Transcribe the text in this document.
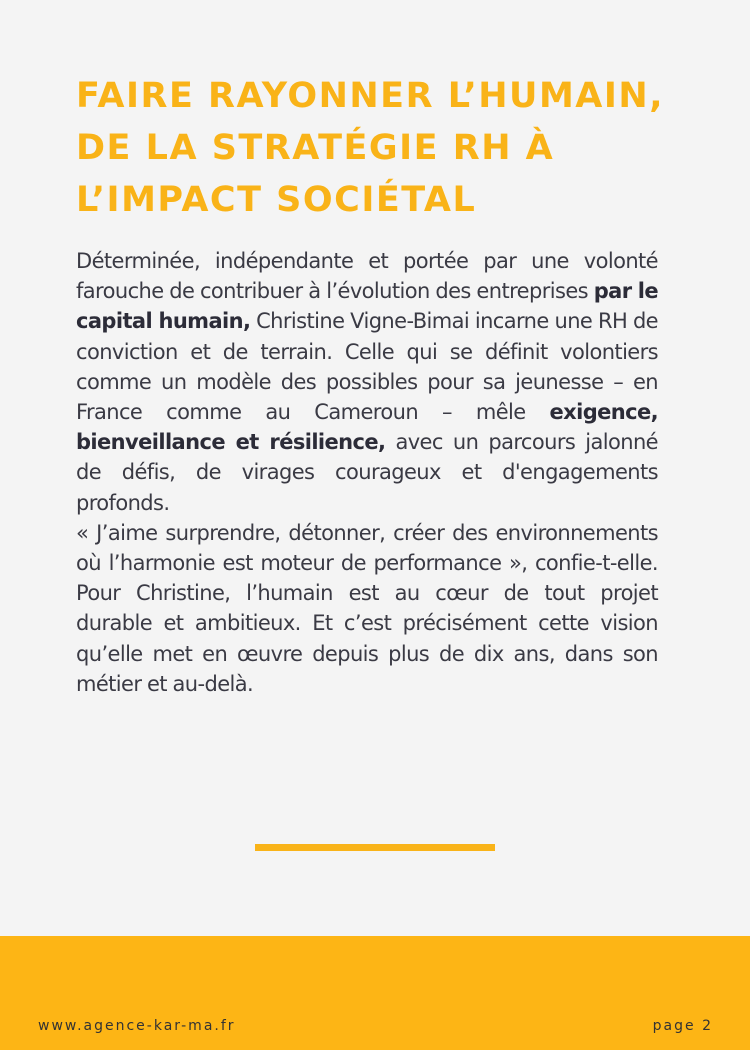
FAIRE RAYONNER L’HUMAIN,
DE LA STRATÉGIE RH À
L’IMPACT SOCIÉTAL

Déterminée, indépendante et portée par une volonté farouche de contribuer à l’évolution des entreprises par le capital humain, Christine Vigne-Bimai incarne une RH de conviction et de terrain. Celle qui se définit volontiers comme un modèle des possibles pour sa jeunesse – en France comme au Cameroun – mêle exigence, bienveillance et résilience, avec un parcours jalonné de défis, de virages courageux et d'engagements profonds.

« J’aime surprendre, détonner, créer des environnements où l’harmonie est moteur de performance », confie-t-elle. Pour Christine, l’humain est au cœur de tout projet durable et ambitieux. Et c’est précisément cette vision qu’elle met en œuvre depuis plus de dix ans, dans son métier et au-delà.

www.agence-kar-ma.fr	page 2
